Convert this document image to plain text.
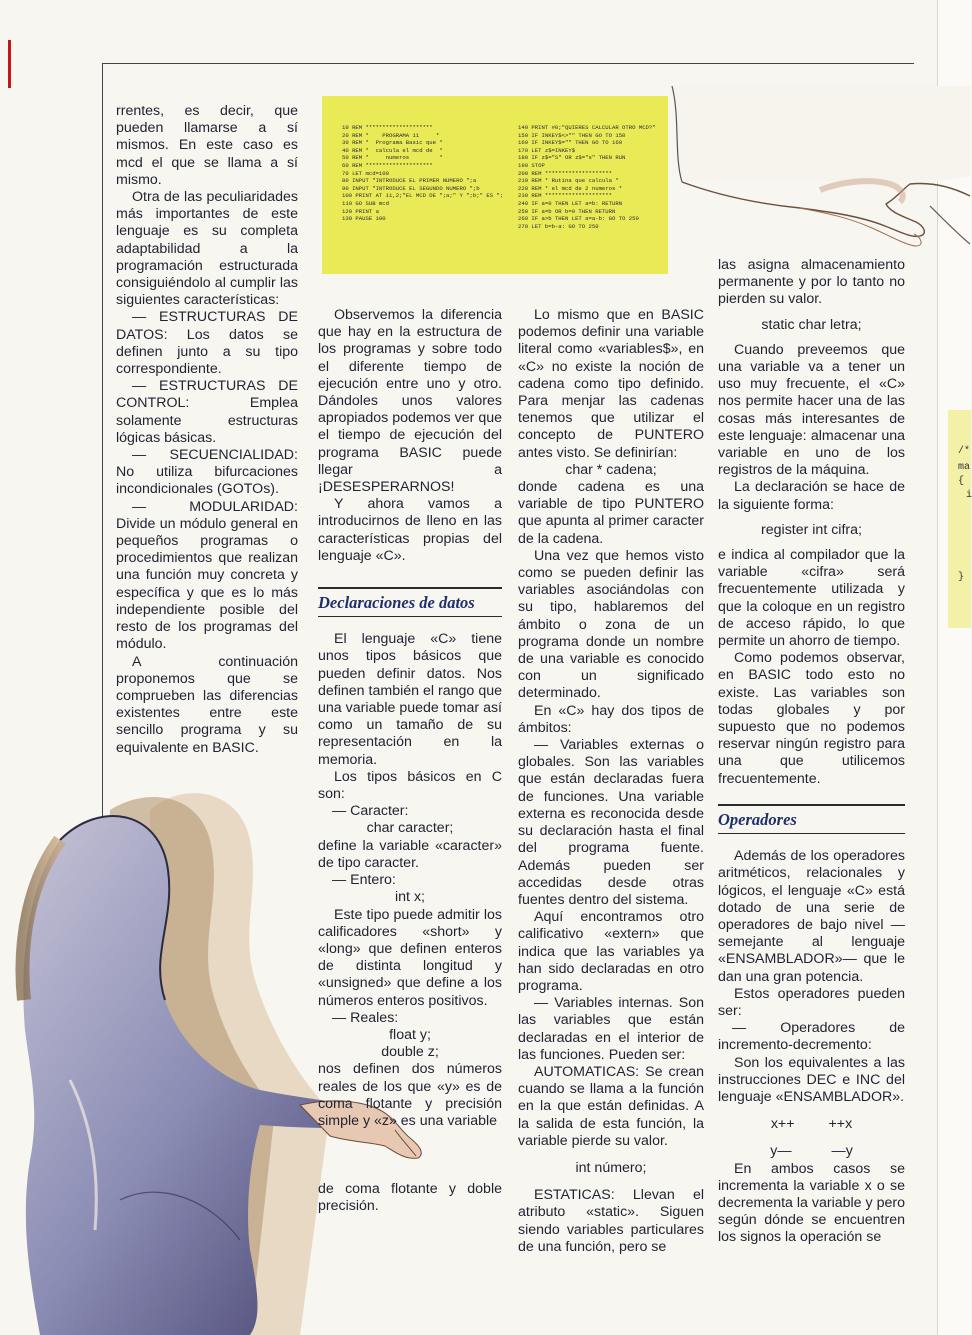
/*
ma
{
i
}
10 REM ********************
20 REM *    PROGRAMA 11     *
30 REM *  Programa Basic que *
40 REM *  calcula el mcd de  *
50 REM *     numeros         *
60 REM ********************
70 LET mcd=100
80 INPUT "INTRODUCE EL PRIMER NUMERO ";a
90 INPUT "INTRODUCE EL SEGUNDO NUMERO ";b
100 PRINT AT 11,2;"EL MCD DE ";a;" Y ";b;" ES ";
110 GO SUB mcd
120 PRINT a
130 PAUSE 100
140 PRINT #0;"QUIERES CALCULAR OTRO MCD?"
150 IF INKEY$<>"" THEN GO TO 150
160 IF INKEY$="" THEN GO TO 160
170 LET z$=INKEY$
180 IF z$="S" OR z$="s" THEN RUN
190 STOP
200 REM ********************
210 REM * Rutina que calcula *
220 REM * el mcd de 2 numeros *
230 REM ********************
240 IF a=0 THEN LET a=b: RETURN
250 IF a=b OR b=0 THEN RETURN
260 IF a>b THEN LET a=a-b: GO TO 250
270 LET b=b-a: GO TO 250

rrentes, es decir, que pueden llamarse a sí mismos. En este caso es mcd el que se llama a sí mismo.

Otra de las peculiaridades más importantes de este lenguaje es su completa adaptabilidad a la programación estructurada consiguiéndolo al cumplir las siguientes características:

— ESTRUCTURAS DE DATOS: Los datos se definen junto a su tipo correspondiente.

— ESTRUCTURAS DE CONTROL: Emplea solamente estructuras lógicas básicas.

— SECUENCIALIDAD: No utiliza bifurcaciones incondicionales (GOTOs).

— MODULARIDAD: Divide un módulo general en pequeños programas o procedimientos que realizan una función muy concreta y específica y que es lo más independiente posible del resto de los programas del módulo.

A continuación proponemos que se comprueben las diferencias existentes entre este sencillo programa y su equivalente en BASIC.

Observemos la diferencia que hay en la estructura de los programas y sobre todo el diferente tiempo de ejecución entre uno y otro. Dándoles unos valores apropiados podemos ver que el tiempo de ejecución del programa BASIC puede llegar a ¡DESESPERARNOS!

Y ahora vamos a introducirnos de lleno en las características propias del lenguaje «C».

Declaraciones de datos

El lenguaje «C» tiene unos tipos básicos que pueden definir datos. Nos definen también el rango que una variable puede tomar así como un tamaño de su representación en la memoria.

Los tipos básicos en C son:

— Caracter:

char caracter;

define la variable «caracter» de tipo caracter.

— Entero:

int x;

Este tipo puede admitir los calificadores «short» y «long» que definen enteros de distinta longitud y «unsigned» que define a los números enteros positivos.

— Reales:

float y;

double z;

nos definen dos números reales de los que «y» es de coma flotante y precisión simple y «z» es una variable

de coma flotante y doble precisión.

Lo mismo que en BASIC podemos definir una variable literal como «variables$», en «C» no existe la noción de cadena como tipo definido. Para menjar las cadenas tenemos que utilizar el concepto de PUNTERO antes visto. Se definirían:

char * cadena;

donde cadena es una variable de tipo PUNTERO que apunta al primer caracter de la cadena.

Una vez que hemos visto como se pueden definir las variables asociándolas con su tipo, hablaremos del ámbito o zona de un programa donde un nombre de una variable es conocido con un significado determinado.

En «C» hay dos tipos de ámbitos:

— Variables externas o globales. Son las variables que están declaradas fuera de funciones. Una variable externa es reconocida desde su declaración hasta el final del programa fuente. Además pueden ser accedidas desde otras fuentes dentro del sistema.

Aquí encontramos otro calificativo «extern» que indica que las variables ya han sido declaradas en otro programa.

— Variables internas. Son las variables que están declaradas en el interior de las funciones. Pueden ser:

AUTOMATICAS: Se crean cuando se llama a la función en la que están definidas. A la salida de esta función, la variable pierde su valor.

int número;

ESTATICAS: Llevan el atributo «static». Siguen siendo variables particulares de una función, pero se

las asigna almacenamiento permanente y por lo tanto no pierden su valor.

static char letra;

Cuando preveemos que una variable va a tener un uso muy frecuente, el «C» nos permite hacer una de las cosas más interesantes de este lenguaje: almacenar una variable en uno de los registros de la máquina.

La declaración se hace de la siguiente forma:

register int cifra;

e indica al compilador que la variable «cifra» será frecuentemente utilizada y que la coloque en un registro de acceso rápido, lo que permite un ahorro de tiempo.

Como podemos observar, en BASIC todo esto no existe. Las variables son todas globales y por supuesto que no podemos reservar ningún registro para una que utilicemos frecuentemente.

Operadores

Además de los operadores aritméticos, relacionales y lógicos, el lenguaje «C» está dotado de una serie de operadores de bajo nivel —semejante al lenguaje «ENSAMBLADOR»— que le dan una gran potencia.

Estos operadores pueden ser:

— Operadores de incremento-decremento:

Son los equivalentes a las instrucciones DEC e INC del lenguaje «ENSAMBLADOR».

x++ ++x
y—	—y

En ambos casos se incrementa la variable x o se decrementa la variable y pero según dónde se encuentren los signos la operación se
